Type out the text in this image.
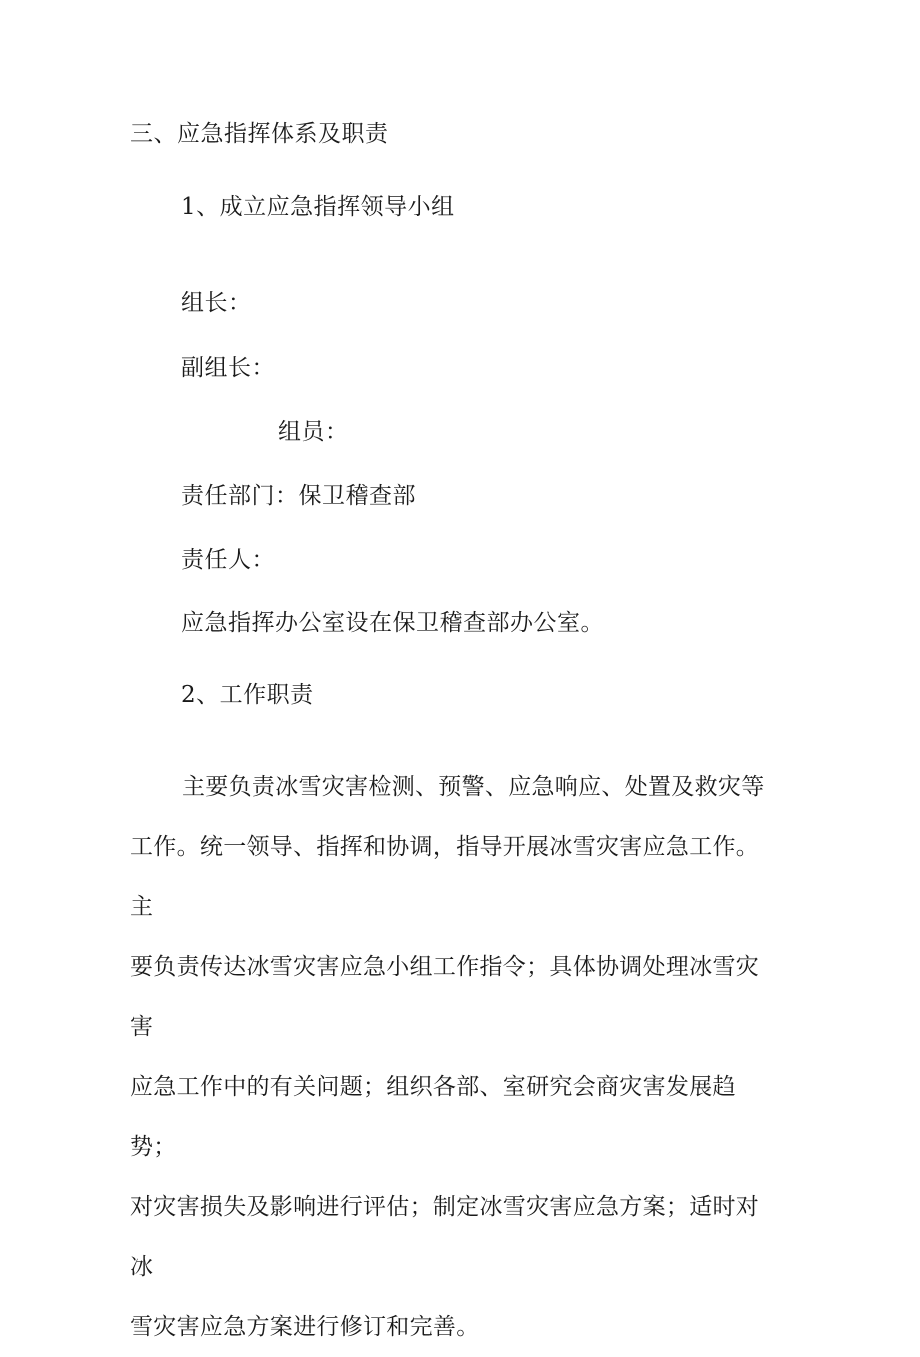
三、应急指挥体系及职责
1、成立应急指挥领导小组
组长：
副组长：
组员：
责任部门：保卫稽查部
责任人：
应急指挥办公室设在保卫稽查部办公室。
2、工作职责
主要负责冰雪灾害检测、预警、应急响应、处置及救灾等
工作。统一领导、指挥和协调，指导开展冰雪灾害应急工作。主
要负责传达冰雪灾害应急小组工作指令；具体协调处理冰雪灾害
应急工作中的有关问题；组织各部、室研究会商灾害发展趋势；
对灾害损失及影响进行评估；制定冰雪灾害应急方案；适时对冰
雪灾害应急方案进行修订和完善。
